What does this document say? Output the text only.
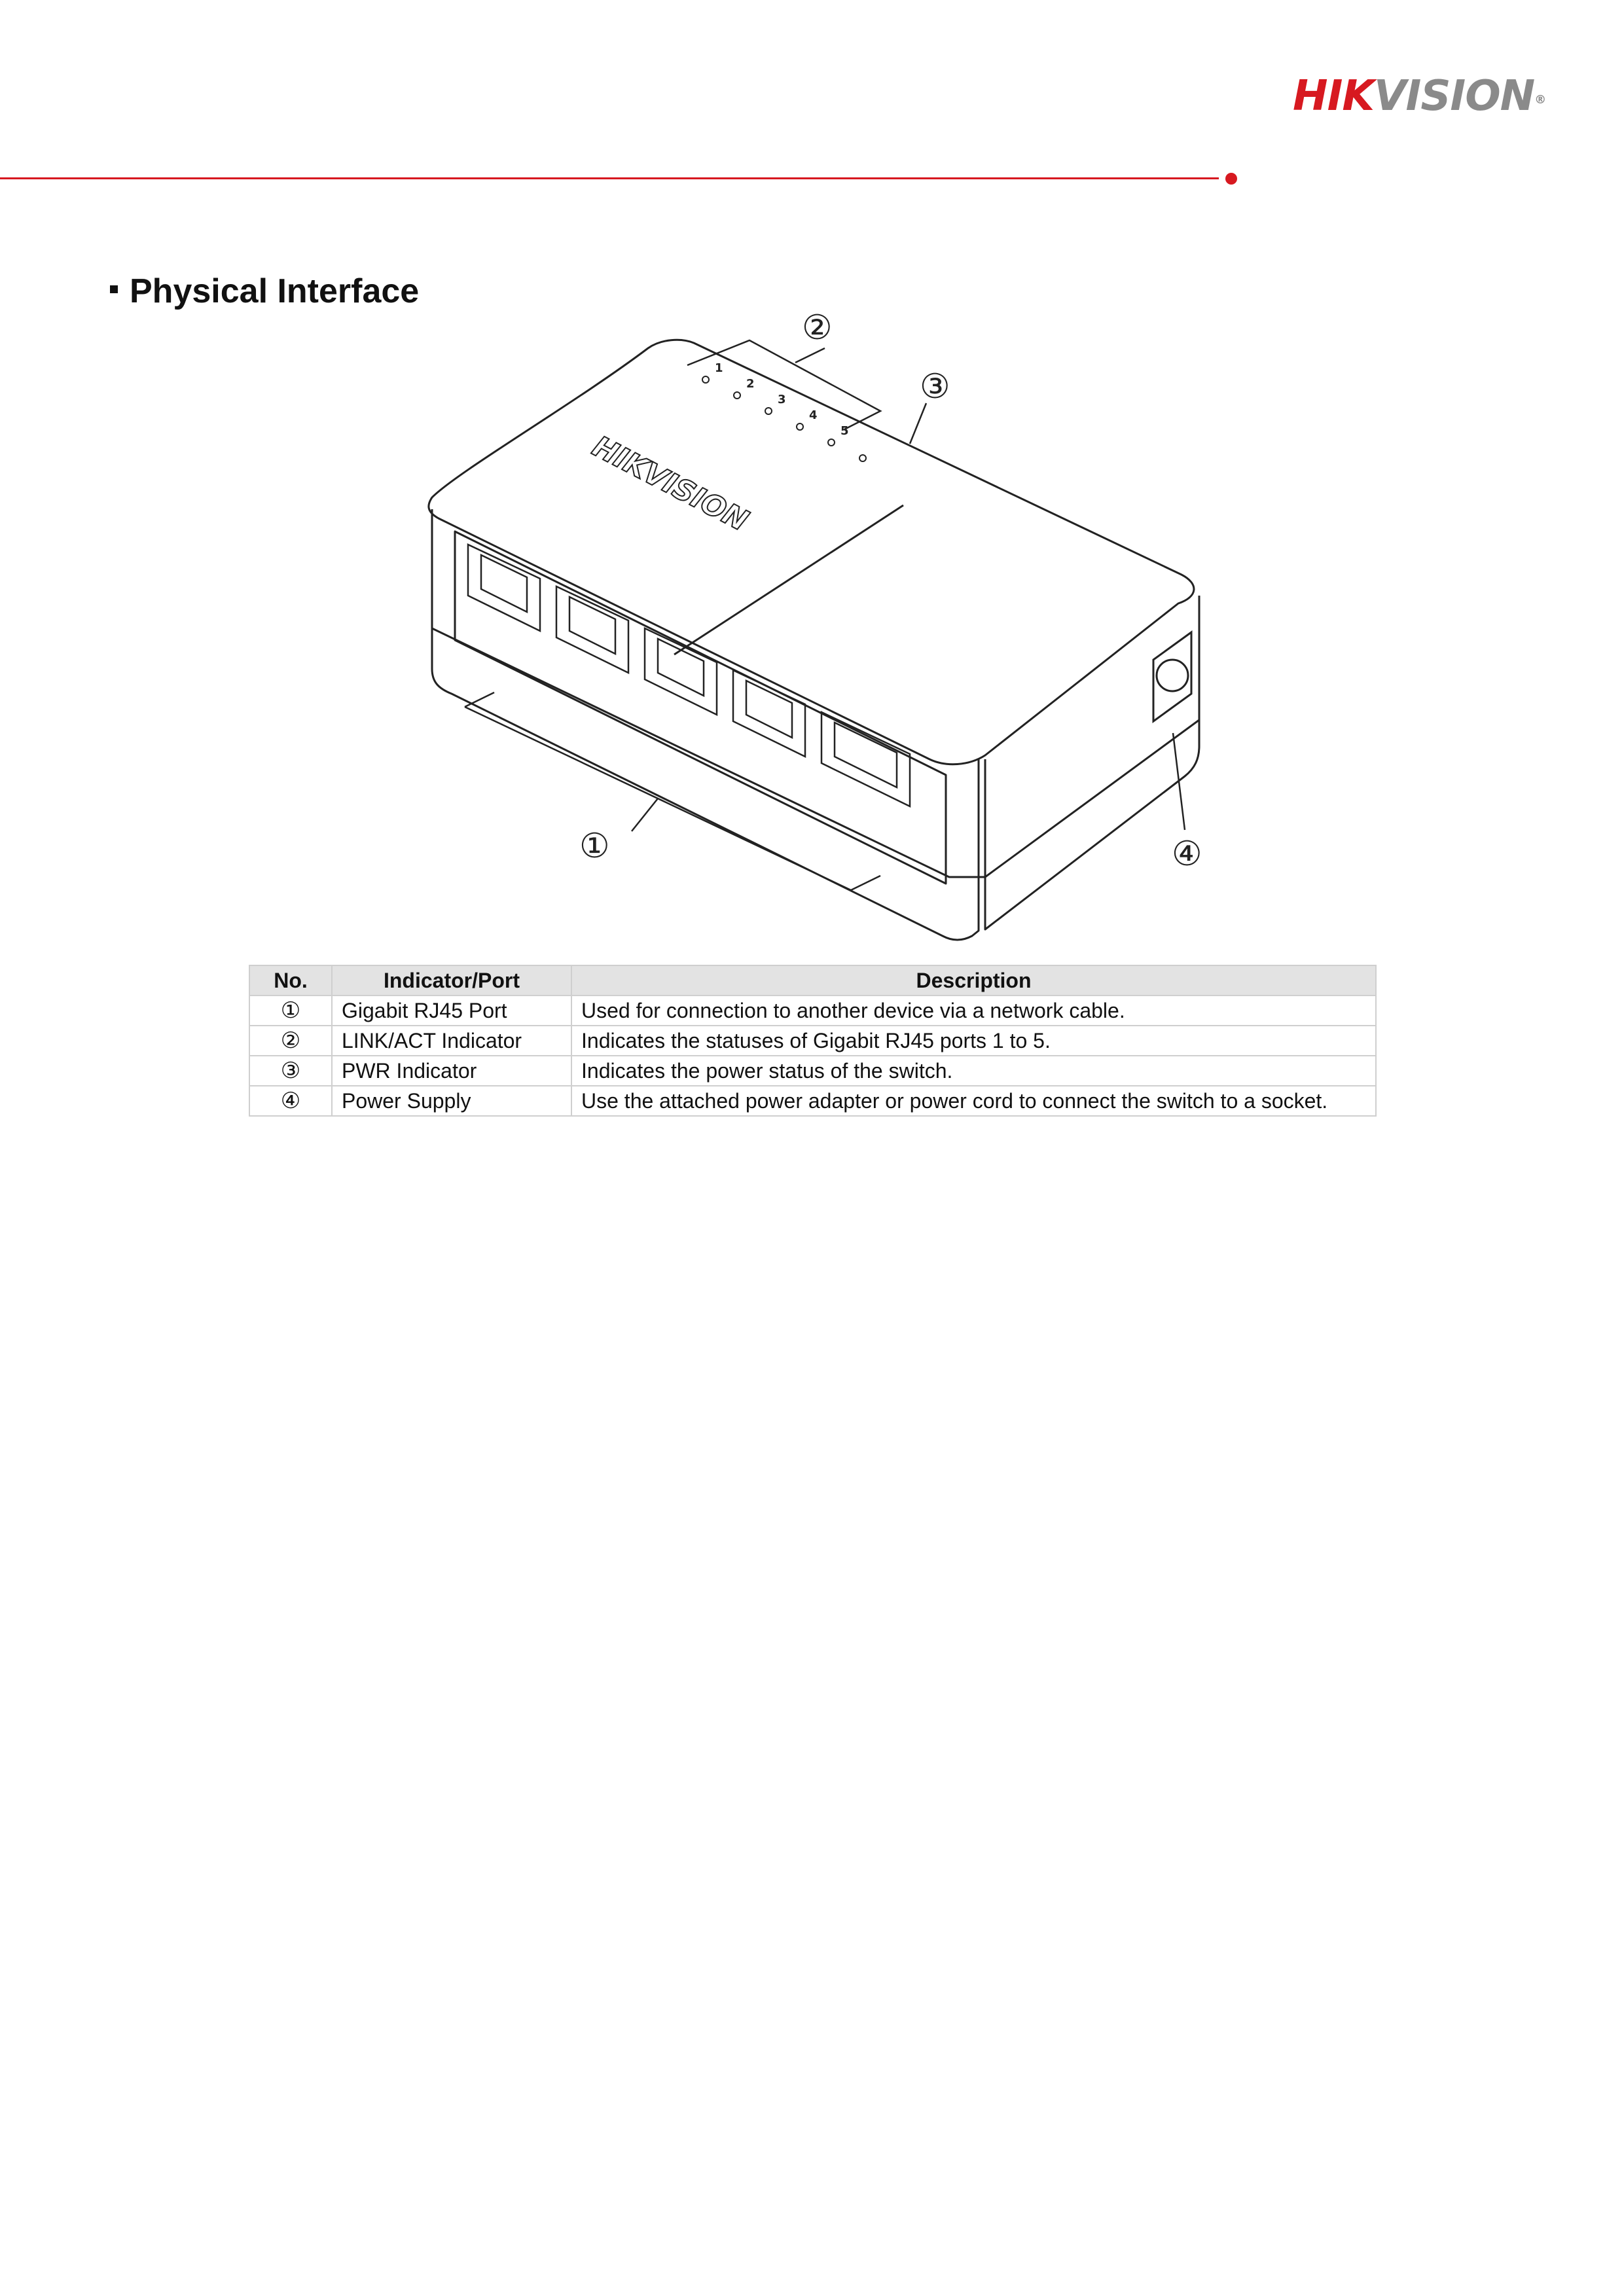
HIKVISION®
Physical Interface
1
2
3
4
5
HIKVISION
①
②
③
④
No.	Indicator/Port	Description
①	Gigabit RJ45 Port	Used for connection to another device via a network cable.
②	LINK/ACT Indicator	Indicates the statuses of Gigabit RJ45 ports 1 to 5.
③	PWR Indicator	Indicates the power status of the switch.
④	Power Supply	Use the attached power adapter or power cord to connect the switch to a socket.
